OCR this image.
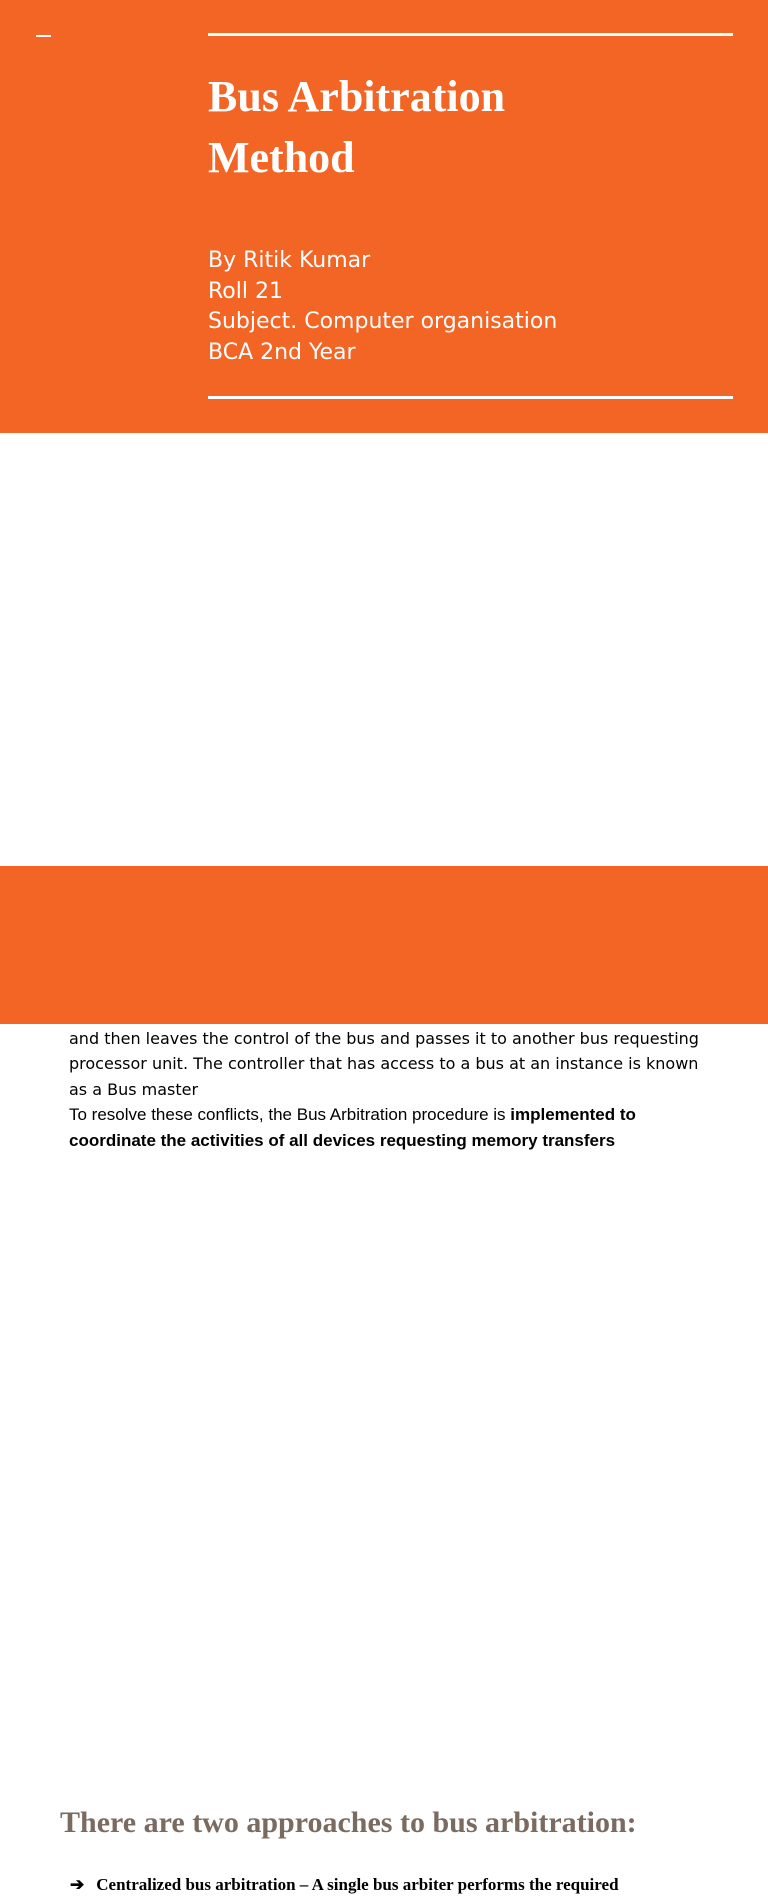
Bus Arbitration
Method
By Ritik Kumar
Roll 21
Subject. Computer organisation
BCA 2nd Year

and then leaves the control of the bus and passes it to another bus requesting processor unit. The controller that has access to a bus at an instance is known as a Bus master

To resolve these conflicts, the Bus Arbitration procedure is implemented to coordinate the activities of all devices requesting memory transfers

There are two approaches to bus arbitration:
➔ Centralized bus arbitration – A single bus arbiter performs the required
